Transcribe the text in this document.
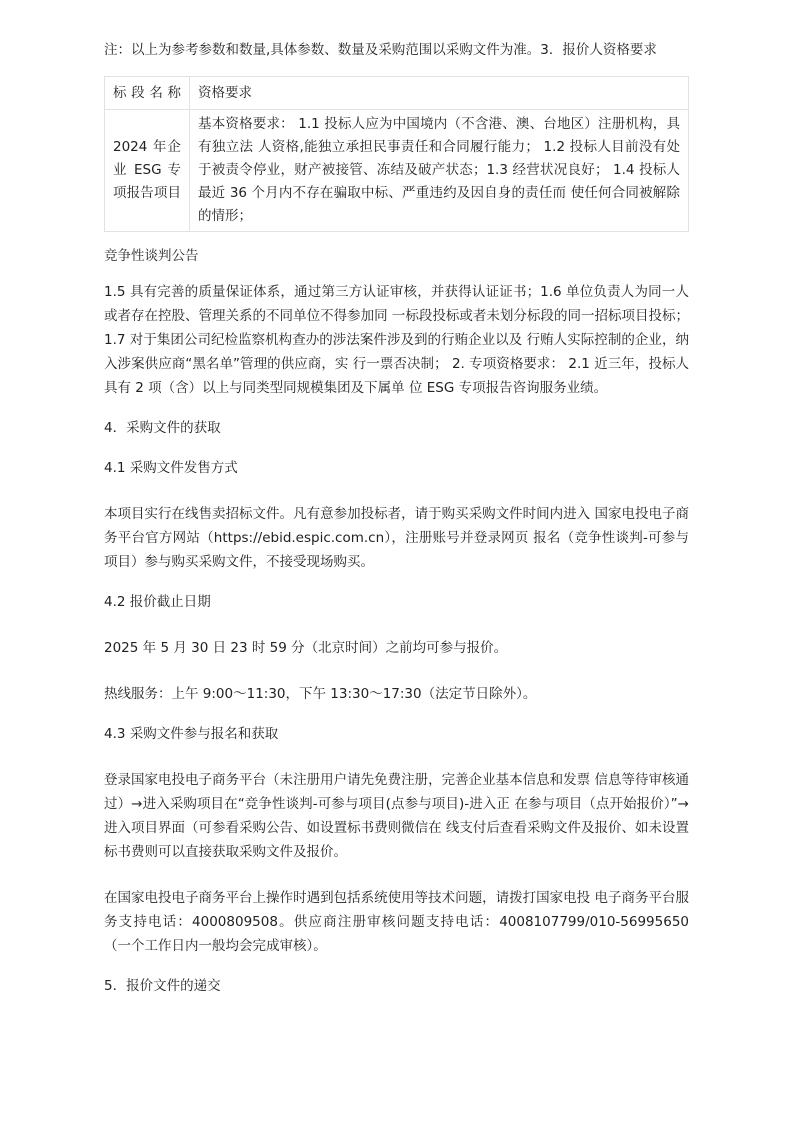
注：以上为参考参数和数量,具体参数、数量及采购范围以采购文件为准。3．报价人资格要求

标段名称	资格要求
2024 年企业 ESG 专项报告项目	基本资格要求： 1.1 投标人应为中国境内（不含港、澳、台地区）注册机构，具有独立法 人资格,能独立承担民事责任和合同履行能力； 1.2 投标人目前没有处于被责令停业，财产被接管、冻结及破产状态；1.3 经营状况良好； 1.4 投标人最近 36 个月内不存在骗取中标、严重违约及因自身的责任而 使任何合同被解除的情形；

竞争性谈判公告

1.5 具有完善的质量保证体系，通过第三方认证审核，并获得认证证书；1.6 单位负责人为同一人或者存在控股、管理关系的不同单位不得参加同 一标段投标或者未划分标段的同一招标项目投标； 1.7 对于集团公司纪检监察机构查办的涉法案件涉及到的行贿企业以及 行贿人实际控制的企业，纳入涉案供应商“黑名单”管理的供应商，实 行一票否决制； 2. 专项资格要求： 2.1 近三年，投标人具有 2 项（含）以上与同类型同规模集团及下属单 位 ESG 专项报告咨询服务业绩。

4．采购文件的获取

4.1 采购文件发售方式

本项目实行在线售卖招标文件。凡有意参加投标者，请于购买采购文件时间内进入 国家电投电子商务平台官方网站（https://ebid.espic.com.cn），注册账号并登录网页 报名（竞争性谈判-可参与项目）参与购买采购文件，不接受现场购买。

4.2 报价截止日期

2025 年 5 月 30 日 23 时 59 分（北京时间）之前均可参与报价。

热线服务：上午 9:00～11:30，下午 13:30～17:30（法定节日除外）。

4.3 采购文件参与报名和获取

登录国家电投电子商务平台（未注册用户请先免费注册，完善企业基本信息和发票 信息等待审核通过）→进入采购项目在“竞争性谈判-可参与项目(点参与项目)-进入正 在参与项目（点开始报价）”→进入项目界面（可参看采购公告、如设置标书费则微信在 线支付后查看采购文件及报价、如未设置标书费则可以直接获取采购文件及报价。

在国家电投电子商务平台上操作时遇到包括系统使用等技术问题，请拨打国家电投 电子商务平台服务支持电话：4000809508。供应商注册审核问题支持电话：4008107799/010-56995650（一个工作日内一般均会完成审核）。

5．报价文件的递交
